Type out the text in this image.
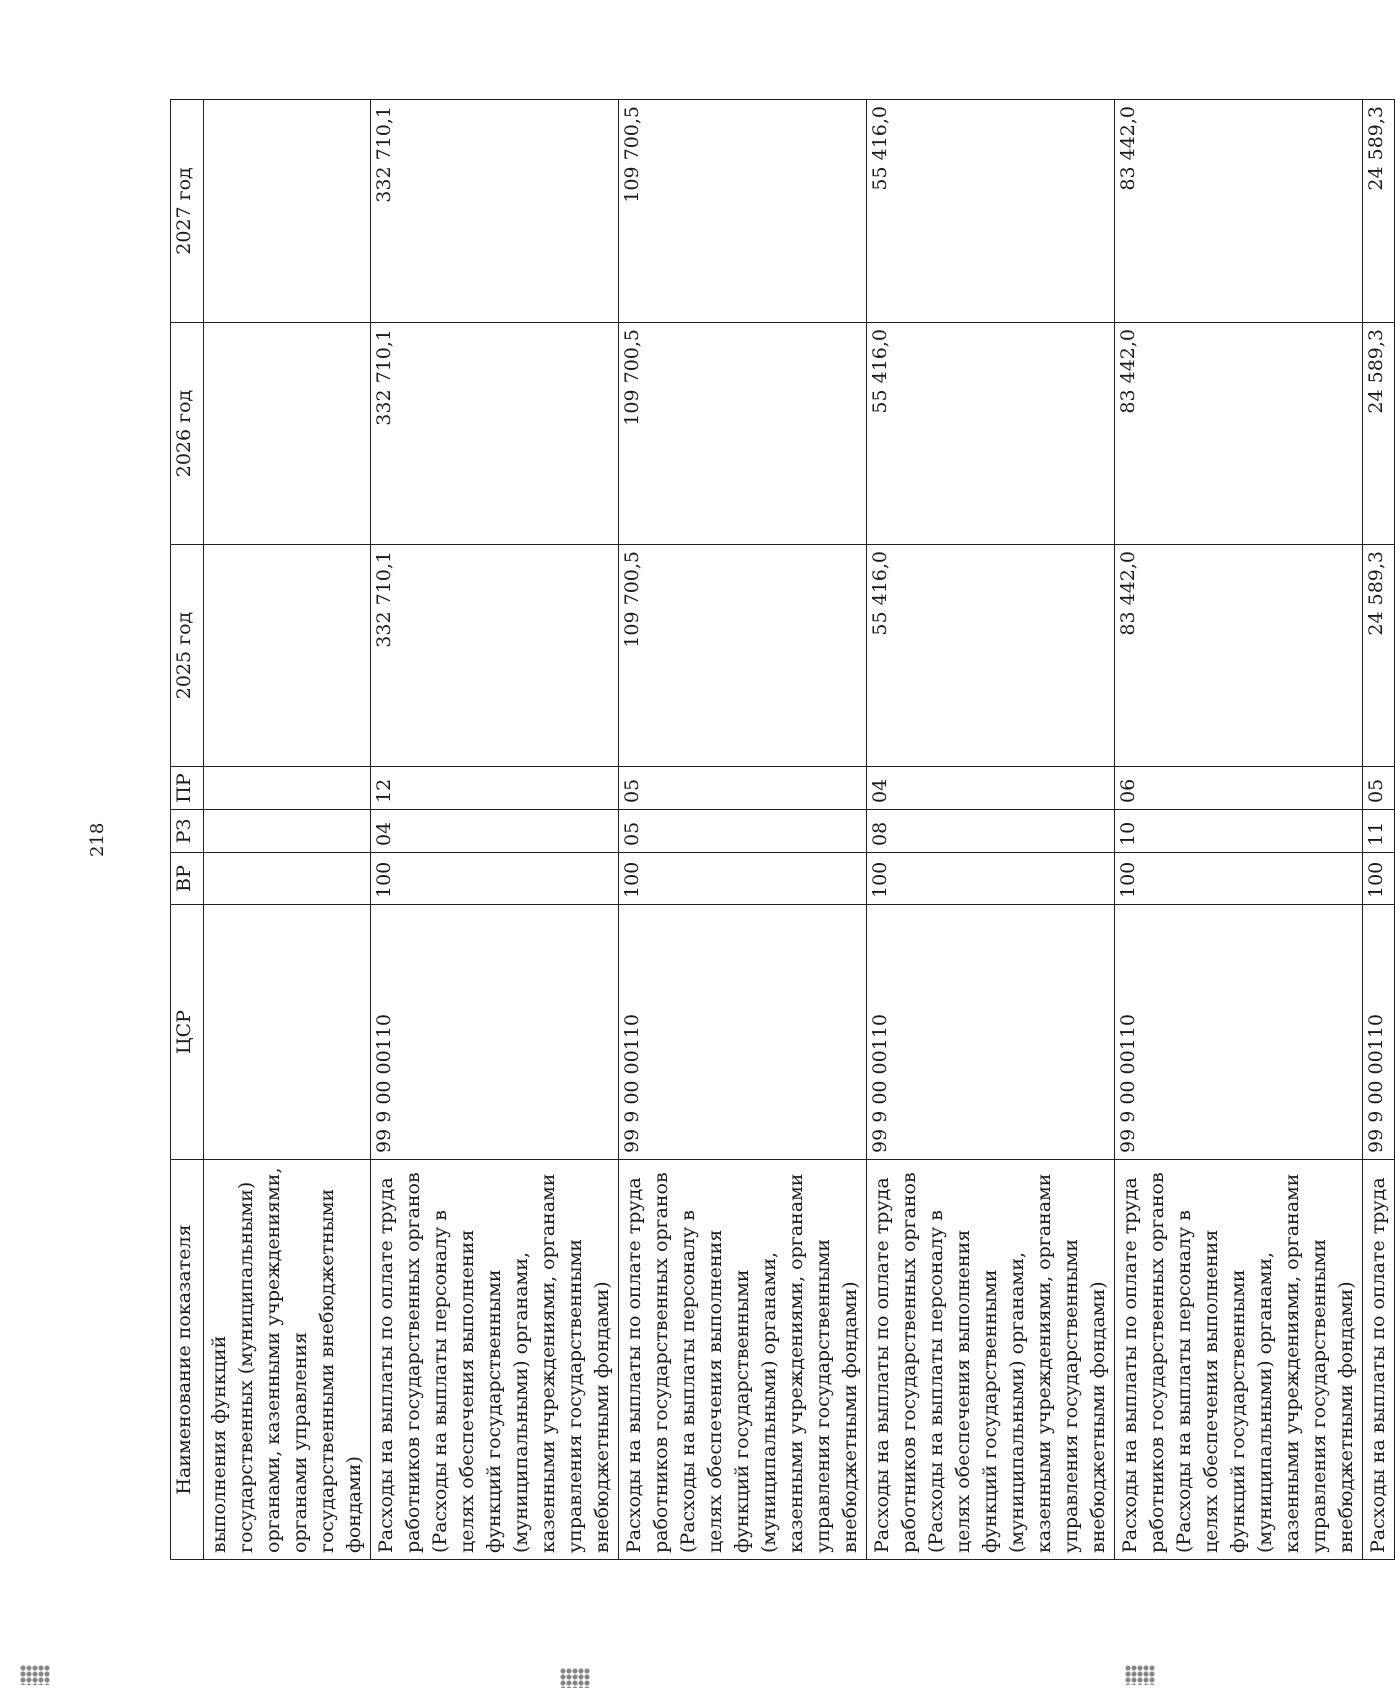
218
Наименование показателя	ЦСР	ВР	РЗ	ПР	2025 год	2026 год	2027 год
выполнения функций государственных (муниципальными) органами, казенными учреждениями, органами управления государственными внебюджетными фондами)							
Расходы на выплаты по оплате труда работников государственных органов (Расходы на выплаты персоналу в целях обеспечения выполнения функций государственными (муниципальными) органами, казенными учреждениями, органами управления государственными внебюджетными фондами)	99 9 00 00110	100	04	12	332 710,1	332 710,1	332 710,1
Расходы на выплаты по оплате труда работников государственных органов (Расходы на выплаты персоналу в целях обеспечения выполнения функций государственными (муниципальными) органами, казенными учреждениями, органами управления государственными внебюджетными фондами)	99 9 00 00110	100	05	05	109 700,5	109 700,5	109 700,5
Расходы на выплаты по оплате труда работников государственных органов (Расходы на выплаты персоналу в целях обеспечения выполнения функций государственными (муниципальными) органами, казенными учреждениями, органами управления государственными внебюджетными фондами)	99 9 00 00110	100	08	04	55 416,0	55 416,0	55 416,0
Расходы на выплаты по оплате труда работников государственных органов (Расходы на выплаты персоналу в целях обеспечения выполнения функций государственными (муниципальными) органами, казенными учреждениями, органами управления государственными внебюджетными фондами)	99 9 00 00110	100	10	06	83 442,0	83 442,0	83 442,0
Расходы на выплаты по оплате труда	99 9 00 00110	100	11	05	24 589,3	24 589,3	24 589,3
